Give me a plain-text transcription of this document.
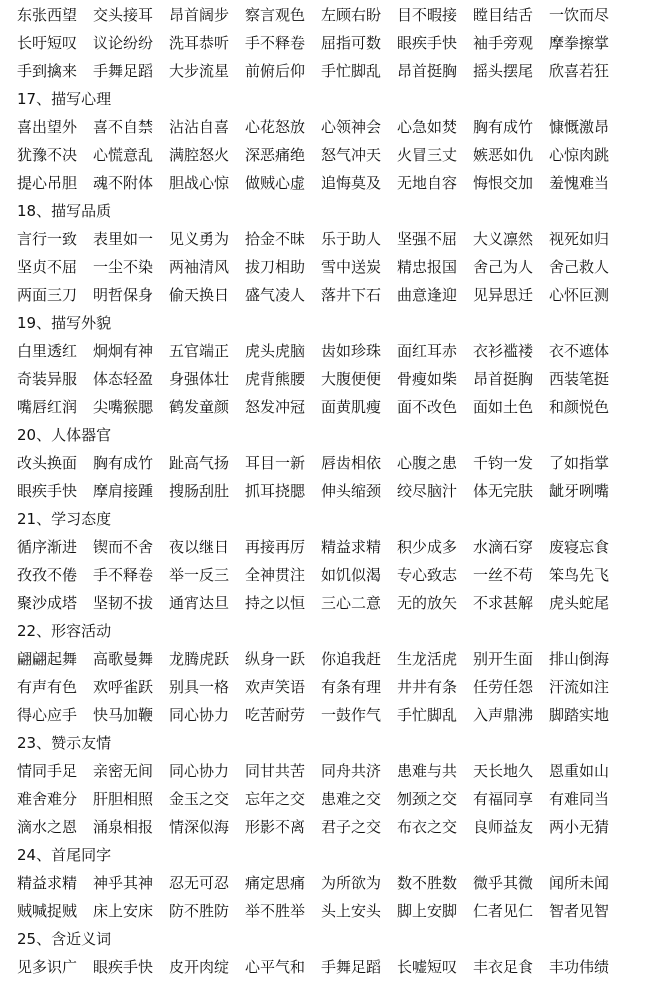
东张西望	交头接耳	昂首阔步	察言观色	左顾右盼	目不暇接	瞠目结舌	一饮而尽
长吁短叹	议论纷纷	洗耳恭听	手不释卷	屈指可数	眼疾手快	袖手旁观	摩拳擦掌
手到擒来	手舞足蹈	大步流星	前俯后仰	手忙脚乱	昂首挺胸	摇头摆尾	欣喜若狂
17、描写心理
喜出望外	喜不自禁	沾沾自喜	心花怒放	心领神会	心急如焚	胸有成竹	慷慨激昂
犹豫不决	心慌意乱	满腔怒火	深恶痛绝	怒气冲天	火冒三丈	嫉恶如仇	心惊肉跳
提心吊胆	魂不附体	胆战心惊	做贼心虚	追悔莫及	无地自容	悔恨交加	羞愧难当
18、描写品质
言行一致	表里如一	见义勇为	拾金不昧	乐于助人	坚强不屈	大义凛然	视死如归
坚贞不屈	一尘不染	两袖清风	拔刀相助	雪中送炭	精忠报国	舍己为人	舍己救人
两面三刀	明哲保身	偷天换日	盛气凌人	落井下石	曲意逢迎	见异思迁	心怀叵测
19、描写外貌
白里透红	炯炯有神	五官端正	虎头虎脑	齿如珍珠	面红耳赤	衣衫褴褛	衣不遮体
奇装异服	体态轻盈	身强体壮	虎背熊腰	大腹便便	骨瘦如柴	昂首挺胸	西装笔挺
嘴唇红润	尖嘴猴腮	鹤发童颜	怒发冲冠	面黄肌瘦	面不改色	面如土色	和颜悦色
20、人体器官
改头换面	胸有成竹	趾高气扬	耳目一新	唇齿相依	心腹之患	千钧一发	了如指掌
眼疾手快	摩肩接踵	搜肠刮肚	抓耳挠腮	伸头缩颈	绞尽脑汁	体无完肤	龇牙咧嘴
21、学习态度
循序渐进	锲而不舍	夜以继日	再接再厉	精益求精	积少成多	水滴石穿	废寝忘食
孜孜不倦	手不释卷	举一反三	全神贯注	如饥似渴	专心致志	一丝不苟	笨鸟先飞
聚沙成塔	坚韧不拔	通宵达旦	持之以恒	三心二意	无的放矢	不求甚解	虎头蛇尾
22、形容活动
翩翩起舞	高歌曼舞	龙腾虎跃	纵身一跃	你追我赶	生龙活虎	别开生面	排山倒海
有声有色	欢呼雀跃	别具一格	欢声笑语	有条有理	井井有条	任劳任怨	汗流如注
得心应手	快马加鞭	同心协力	吃苦耐劳	一鼓作气	手忙脚乱	入声鼎沸	脚踏实地
23、赞示友情
情同手足	亲密无间	同心协力	同甘共苦	同舟共济	患难与共	天长地久	恩重如山
难舍难分	肝胆相照	金玉之交	忘年之交	患难之交	刎颈之交	有福同享	有难同当
滴水之恩	涌泉相报	情深似海	形影不离	君子之交	布衣之交	良师益友	两小无猜
24、首尾同字
精益求精	神乎其神	忍无可忍	痛定思痛	为所欲为	数不胜数	微乎其微	闻所未闻
贼喊捉贼	床上安床	防不胜防	举不胜举	头上安头	脚上安脚	仁者见仁	智者见智
25、含近义词
见多识广	眼疾手快	皮开肉绽	心平气和	手舞足蹈	长嘘短叹	丰衣足食	丰功伟绩
